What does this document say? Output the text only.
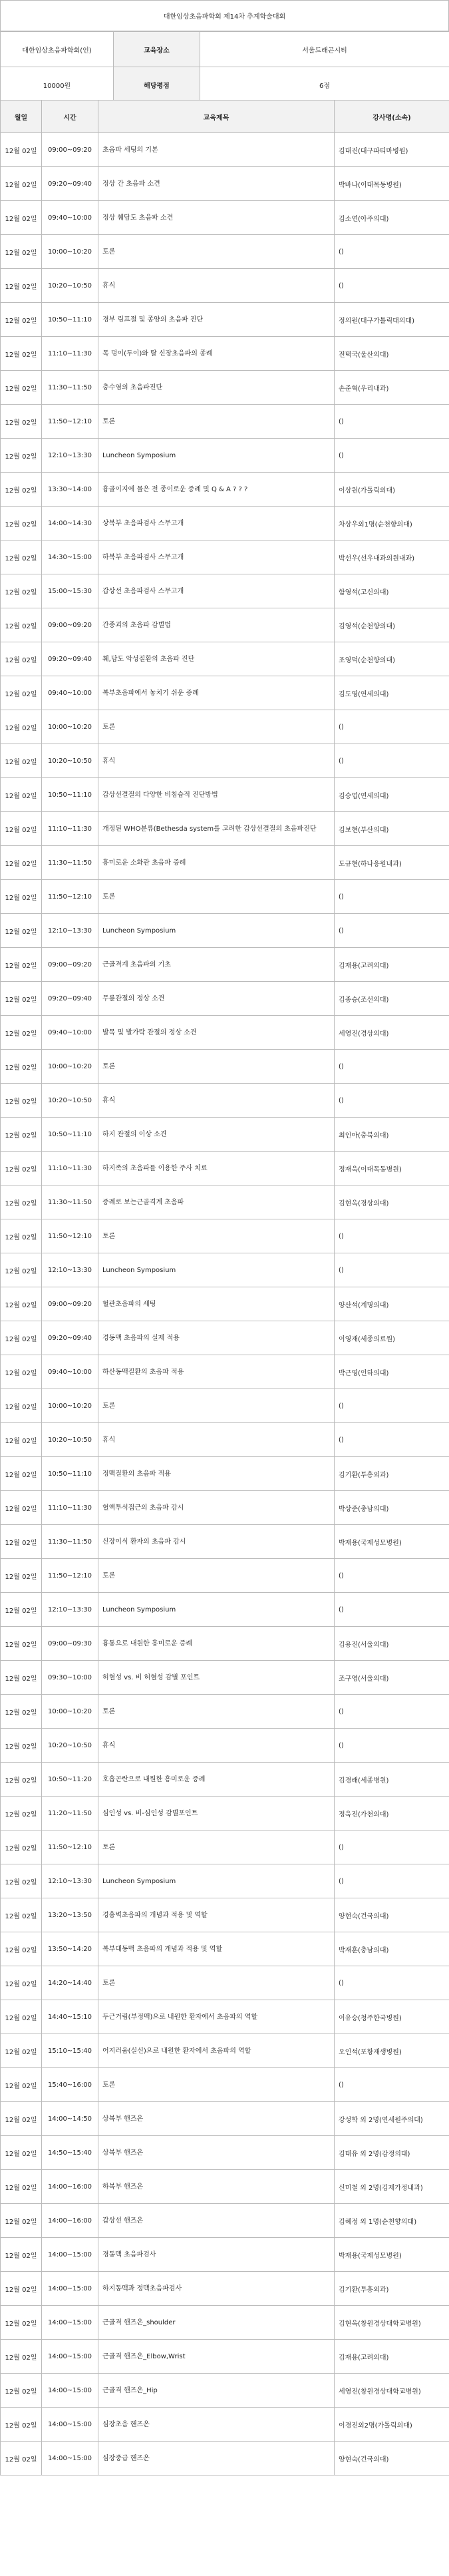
대한임상초음파학회 제14차 추계학술대회
대한임상초음파학회(인)	교육장소	서울드래곤시티
10000원	해당평점	6점
월일	시간	교육제목	강사명(소속)
12월 02일	09:00~09:20	초음파 세팅의 기본	김대진(대구파티마병원)
12월 02일	09:20~09:40	정상 간 초음파 소견	박바나(이대목동병원)
12월 02일	09:40~10:00	정상 췌담도 초음파 소견	김소연(아주의대)
12월 02일	10:00~10:20	토론	()
12월 02일	10:20~10:50	휴식	()
12월 02일	10:50~11:10	경부 림프절 및 종양의 초음파 진단	정의원(대구가톨릭대의대)
12월 02일	11:10~11:30	목 덩이(두이)와 탈 신장초음파의 종례	전택국(울산의대)
12월 02일	11:30~11:50	충수염의 초음파진단	손준혁(우리내과)
12월 02일	11:50~12:10	토론	()
12월 02일	12:10~13:30	Luncheon Symposium	()
12월 02일	13:30~14:00	흉골이지에 물은 전 종이로운 증례 및 Q & A ? ? ?	이상원(가톨릭의대)
12월 02일	14:00~14:30	상복부 초음파검사 스무고개	차상우외1명(순천향의대)
12월 02일	14:30~15:00	하복부 초음파검사 스무고개	박선우(선우내과의원내과)
12월 02일	15:00~15:30	갑상선 초음파검사 스무고개	함영석(고신의대)
12월 02일	09:00~09:20	간종괴의 초음파 감별법	김영석(순천향의대)
12월 02일	09:20~09:40	췌,담도 악성질환의 초음파 진단	조영덕(순천향의대)
12월 02일	09:40~10:00	복부초음파에서 놓치기 쉬운 증례	김도영(연세의대)
12월 02일	10:00~10:20	토론	()
12월 02일	10:20~10:50	휴식	()
12월 02일	10:50~11:10	갑상선결절의 다양한 비침습적 진단방법	김승업(연세의대)
12월 02일	11:10~11:30	개정된 WHO분류(Bethesda system를 고려한 갑상선결절의 초음파진단	김보현(부산의대)
12월 02일	11:30~11:50	흥미로운 소화관 초음파 증례	도규현(하나응원내과)
12월 02일	11:50~12:10	토론	()
12월 02일	12:10~13:30	Luncheon Symposium	()
12월 02일	09:00~09:20	근골격계 초음파의 기초	김재용(고려의대)
12월 02일	09:20~09:40	무릎관절의 정상 소견	김종승(조선의대)
12월 02일	09:40~10:00	발목 및 발가락 관절의 정상 소견	세영진(경상의대)
12월 02일	10:00~10:20	토론	()
12월 02일	10:20~10:50	휴식	()
12월 02일	10:50~11:10	하지 관절의 이상 소견	최인아(충북의대)
12월 02일	11:10~11:30	하지족의 초음파를 이용한 주사 치료	정재욱(이대목동병원)
12월 02일	11:30~11:50	증례로 보는근골격계 초음파	김현옥(경상의대)
12월 02일	11:50~12:10	토론	()
12월 02일	12:10~13:30	Luncheon Symposium	()
12월 02일	09:00~09:20	혈관초음파의 세팅	양산석(계명의대)
12월 02일	09:20~09:40	경동맥 초음파의 실제 적용	이영재(세종의료원)
12월 02일	09:40~10:00	하산동맥질환의 초음파 적용	박근영(인하의대)
12월 02일	10:00~10:20	토론	()
12월 02일	10:20~10:50	휴식	()
12월 02일	10:50~11:10	정맥질환의 초음파 적용	김기환(투흥외과)
12월 02일	11:10~11:30	혈액투석접근의 초음파 감시	박상준(충남의대)
12월 02일	11:30~11:50	신장이식 환자의 초음파 감시	박재용(국제성모병원)
12월 02일	11:50~12:10	토론	()
12월 02일	12:10~13:30	Luncheon Symposium	()
12월 02일	09:00~09:30	흉통으로 내원한 흥미로운 증례	김용진(서울의대)
12월 02일	09:30~10:00	허혈성 vs. 비 허혈성 감별 포인트	조구영(서울의대)
12월 02일	10:00~10:20	토론	()
12월 02일	10:20~10:50	휴식	()
12월 02일	10:50~11:20	호흡곤란으로 내원한 흥미로운 증례	김경래(세종병원)
12월 02일	11:20~11:50	심인성 vs. 비-심인성 감별포인트	정욱진(가천의대)
12월 02일	11:50~12:10	토론	()
12월 02일	12:10~13:30	Luncheon Symposium	()
12월 02일	13:20~13:50	경흉벽초음파의 개념과 적용 및 역할	양현숙(건국의대)
12월 02일	13:50~14:20	복부대동맥 초음파의 개념과 적용 및 역할	박재훈(충남의대)
12월 02일	14:20~14:40	토론	()
12월 02일	14:40~15:10	두근거림(부정맥)으로 내원한 환자에서 초음파의 역할	이유승(청주한국병원)
12월 02일	15:10~15:40	어지러움(실신)으로 내원한 환자에서 초음파의 역할	오인석(포항재생병원)
12월 02일	15:40~16:00	토론	()
12월 02일	14:00~14:50	상복부 핸즈온	강성학 외 2명(연세원주의대)
12월 02일	14:50~15:40	상복부 핸즈온	김태유 외 2명(감정의대)
12월 02일	14:00~16:00	하복부 핸즈온	신미철 외 2명(김제가정내과)
12월 02일	14:00~16:00	갑상선 핸즈온	김혜정 외 1명(순천향의대)
12월 02일	14:00~15:00	경동맥 초음파검사	박재용(국제성모병원)
12월 02일	14:00~15:00	하지동맥과 정맥초음파검사	김기환(투흥외과)
12월 02일	14:00~15:00	근골격 핸즈온_shoulder	김현옥(창원경상대학교병원)
12월 02일	14:00~15:00	근골격 핸즈온_Elbow,Wrist	김재용(고려의대)
12월 02일	14:00~15:00	근골격 핸즈온_Hip	세영진(창원경상대학교병원)
12월 02일	14:00~15:00	심장초음 핸즈온	이경진외2명(가톨릭의대)
12월 02일	14:00~15:00	심장중급 핸즈온	양현숙(건국의대)
